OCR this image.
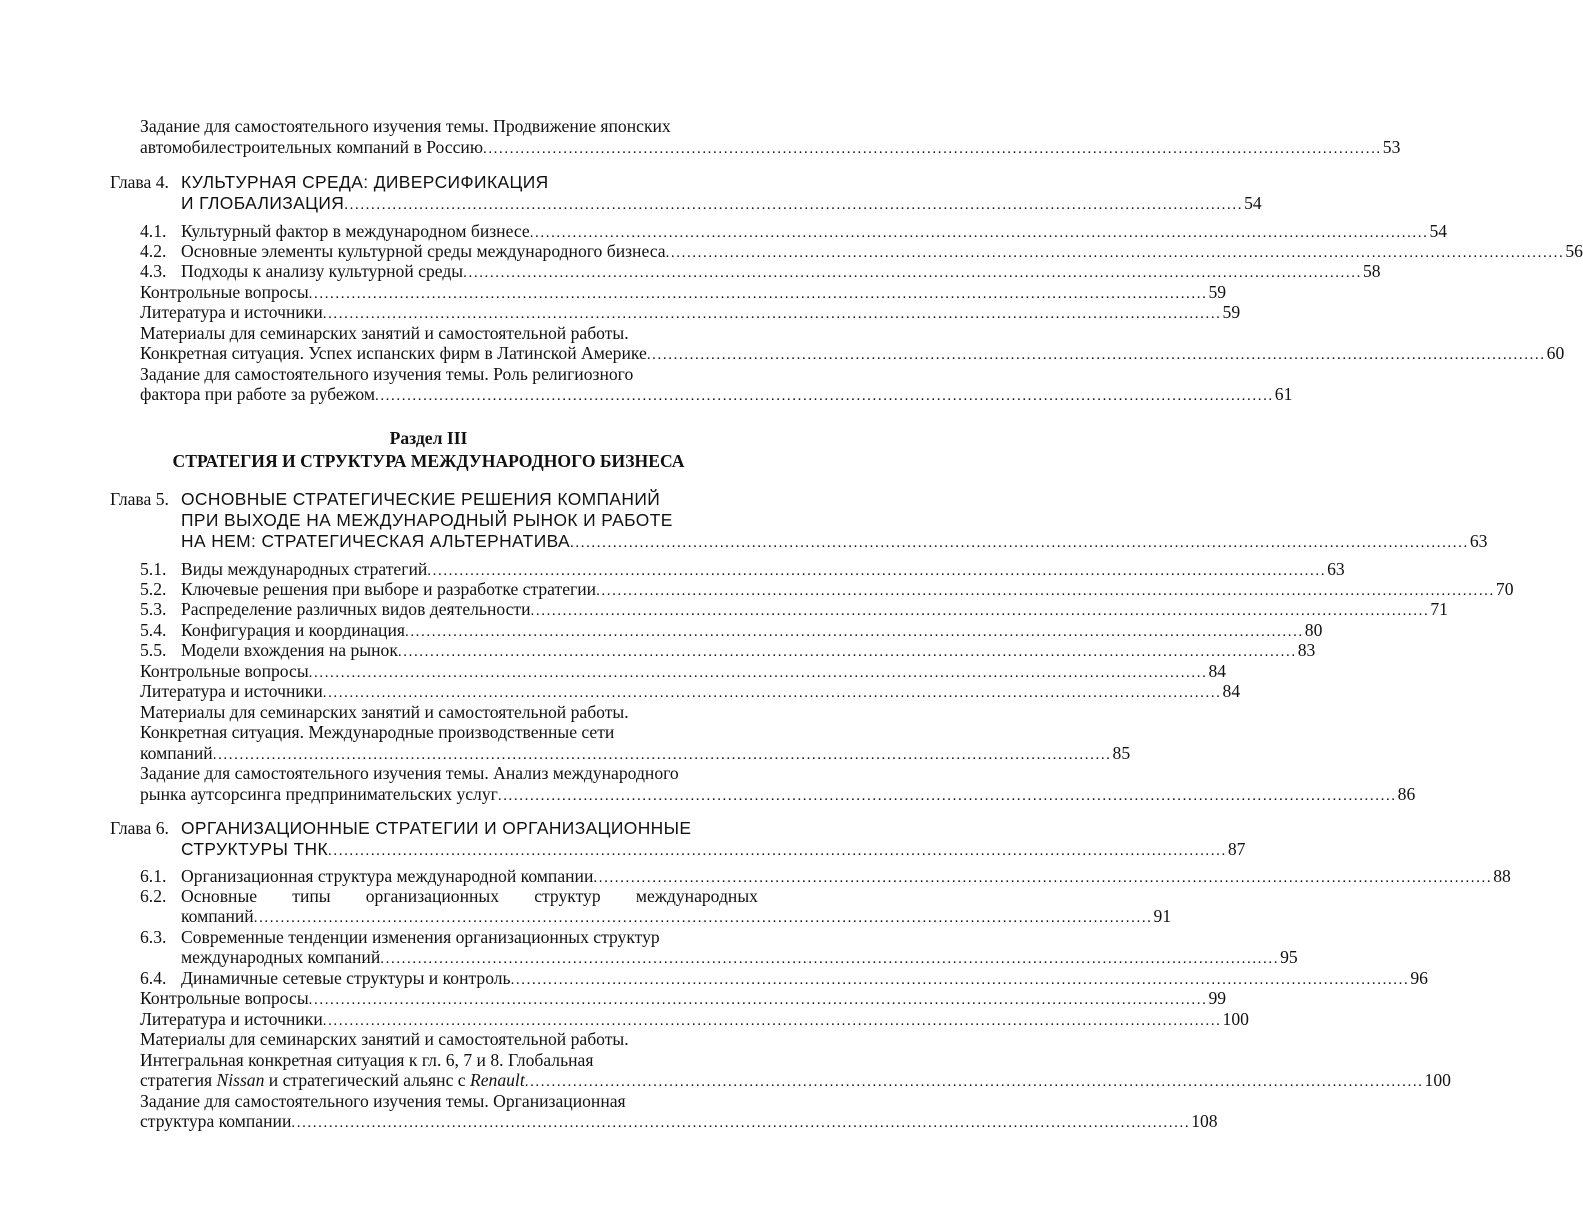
Задание для самостоятельного изучения темы. Продвижение японских
автомобилестроительных компаний в Россию ........................................................................................................................................................................ 53
Глава 4. КУЛЬТУРНАЯ СРЕДА: ДИВЕРСИФИКАЦИЯ
И ГЛОБАЛИЗАЦИЯ ........................................................................................................................................................................ 54
4.1. Культурный фактор в международном бизнесе ........................................................................................................................................................................ 54
4.2. Основные элементы культурной среды международного бизнеса ........................................................................................................................................................................ 56
4.3. Подходы к анализу культурной среды ........................................................................................................................................................................ 58
Контрольные вопросы ........................................................................................................................................................................ 59
Литература и источники ........................................................................................................................................................................ 59
Материалы для семинарских занятий и самостоятельной работы.
Конкретная ситуация. Успех испанских фирм в Латинской Америке ........................................................................................................................................................................ 60
Задание для самостоятельного изучения темы. Роль религиозного
фактора при работе за рубежом ........................................................................................................................................................................ 61
Раздел III
СТРАТЕГИЯ И СТРУКТУРА МЕЖДУНАРОДНОГО БИЗНЕСА
Глава 5. ОСНОВНЫЕ СТРАТЕГИЧЕСКИЕ РЕШЕНИЯ КОМПАНИЙ
ПРИ ВЫХОДЕ НА МЕЖДУНАРОДНЫЙ РЫНОК И РАБОТЕ
НА НЕМ: СТРАТЕГИЧЕСКАЯ АЛЬТЕРНАТИВА ........................................................................................................................................................................ 63
5.1. Виды международных стратегий ........................................................................................................................................................................ 63
5.2. Ключевые решения при выборе и разработке стратегии ........................................................................................................................................................................ 70
5.3. Распределение различных видов деятельности ........................................................................................................................................................................ 71
5.4. Конфигурация и координация ........................................................................................................................................................................ 80
5.5. Модели вхождения на рынок ........................................................................................................................................................................ 83
Контрольные вопросы ........................................................................................................................................................................ 84
Литература и источники ........................................................................................................................................................................ 84
Материалы для семинарских занятий и самостоятельной работы.
Конкретная ситуация. Международные производственные сети
компаний ........................................................................................................................................................................ 85
Задание для самостоятельного изучения темы. Анализ международного
рынка аутсорсинга предпринимательских услуг ........................................................................................................................................................................ 86
Глава 6. ОРГАНИЗАЦИОННЫЕ СТРАТЕГИИ И ОРГАНИЗАЦИОННЫЕ
СТРУКТУРЫ ТНК ........................................................................................................................................................................ 87
6.1. Организационная структура международной компании ........................................................................................................................................................................ 88
6.2. Основные типы организационных структур международных
компаний ........................................................................................................................................................................ 91
6.3. Современные тенденции изменения организационных структур
международных компаний ........................................................................................................................................................................ 95
6.4. Динамичные сетевые структуры и контроль ........................................................................................................................................................................ 96
Контрольные вопросы ........................................................................................................................................................................ 99
Литература и источники ........................................................................................................................................................................ 100
Материалы для семинарских занятий и самостоятельной работы.
Интегральная конкретная ситуация к гл. 6, 7 и 8. Глобальная
стратегия Nissan и стратегический альянс с Renault ........................................................................................................................................................................ 100
Задание для самостоятельного изучения темы. Организационная
структура компании ........................................................................................................................................................................ 108
